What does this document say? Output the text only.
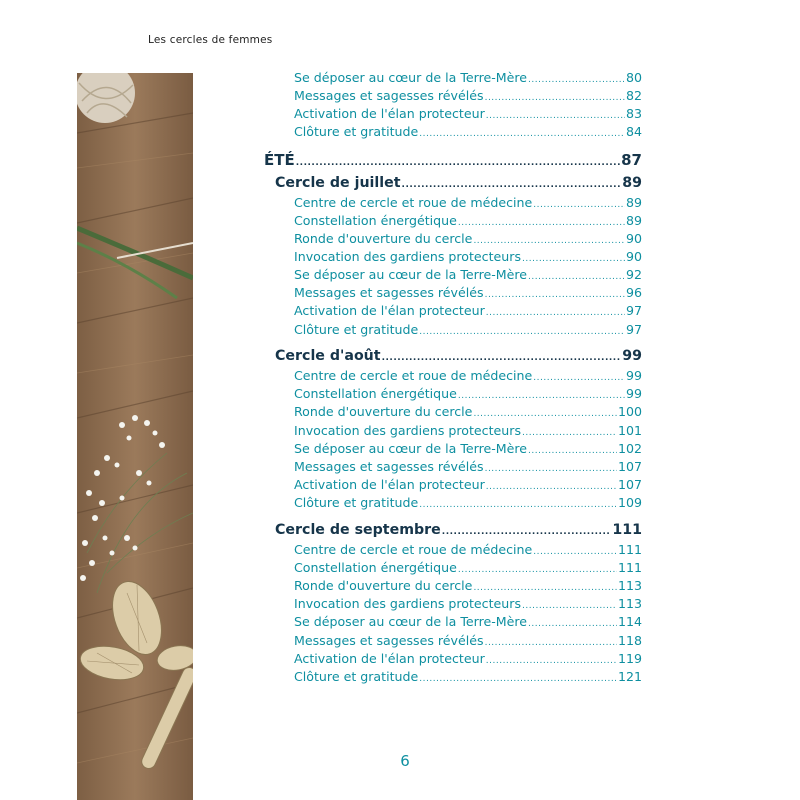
Les cercles de femmes
Se déposer au cœur de la Terre-Mère .....	80
Messages et sagesses révélés .....	82
Activation de l'élan protecteur .....	83
Clôture et gratitude .....	84
ÉTÉ .....	87
Cercle de juillet .....	89
Centre de cercle et roue de médecine .....	89
Constellation énergétique .....	89
Ronde d'ouverture du cercle .....	90
Invocation des gardiens protecteurs .....	90
Se déposer au cœur de la Terre-Mère .....	92
Messages et sagesses révélés .....	96
Activation de l'élan protecteur .....	97
Clôture et gratitude .....	97
Cercle d'août .....	99
Centre de cercle et roue de médecine .....	99
Constellation énergétique .....	99
Ronde d'ouverture du cercle .....	100
Invocation des gardiens protecteurs .....	101
Se déposer au cœur de la Terre-Mère .....	102
Messages et sagesses révélés .....	107
Activation de l'élan protecteur .....	107
Clôture et gratitude .....	109
Cercle de septembre .....	111
Centre de cercle et roue de médecine .....	111
Constellation énergétique .....	111
Ronde d'ouverture du cercle .....	113
Invocation des gardiens protecteurs .....	113
Se déposer au cœur de la Terre-Mère .....	114
Messages et sagesses révélés .....	118
Activation de l'élan protecteur .....	119
Clôture et gratitude .....	121
6
